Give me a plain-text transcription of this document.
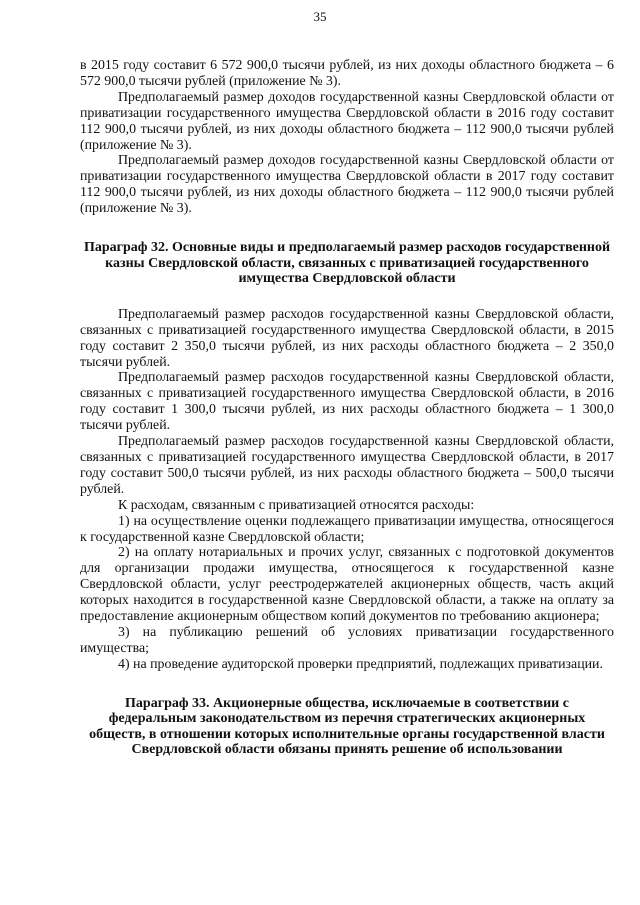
35

в 2015 году составит 6 572 900,0 тысячи рублей, из них доходы областного бюджета – 6 572 900,0 тысячи рублей (приложение № 3).

Предполагаемый размер доходов государственной казны Свердловской области от приватизации государственного имущества Свердловской области в 2016 году составит 112 900,0 тысячи рублей, из них доходы областного бюджета – 112 900,0 тысячи рублей (приложение № 3).

Предполагаемый размер доходов государственной казны Свердловской области от приватизации государственного имущества Свердловской области в 2017 году составит 112 900,0 тысячи рублей, из них доходы областного бюджета – 112 900,0 тысячи рублей (приложение № 3).

Параграф 32. Основные виды и предполагаемый размер расходов государственной казны Свердловской области, связанных с приватизацией государственного имущества Свердловской области

Предполагаемый размер расходов государственной казны Свердловской области, связанных с приватизацией государственного имущества Свердловской области, в 2015 году составит 2 350,0 тысячи рублей, из них расходы областного бюджета – 2 350,0 тысячи рублей.

Предполагаемый размер расходов государственной казны Свердловской области, связанных с приватизацией государственного имущества Свердловской области, в 2016 году составит 1 300,0 тысячи рублей, из них расходы областного бюджета – 1 300,0 тысячи рублей.

Предполагаемый размер расходов государственной казны Свердловской области, связанных с приватизацией государственного имущества Свердловской области, в 2017 году составит 500,0 тысячи рублей, из них расходы областного бюджета – 500,0 тысячи рублей.

К расходам, связанным с приватизацией относятся расходы:

1) на осуществление оценки подлежащего приватизации имущества, относящегося к государственной казне Свердловской области;

2) на оплату нотариальных и прочих услуг, связанных с подготовкой документов для организации продажи имущества, относящегося к государственной казне Свердловской области, услуг реестродержателей акционерных обществ, часть акций которых находится в государственной казне Свердловской области, а также на оплату за предоставление акционерным обществом копий документов по требованию акционера;

3) на публикацию решений об условиях приватизации государственного имущества;

4) на проведение аудиторской проверки предприятий, подлежащих приватизации.

Параграф 33. Акционерные общества, исключаемые в соответствии с федеральным законодательством из перечня стратегических акционерных обществ, в отношении которых исполнительные органы государственной власти Свердловской области обязаны принять решение об использовании
